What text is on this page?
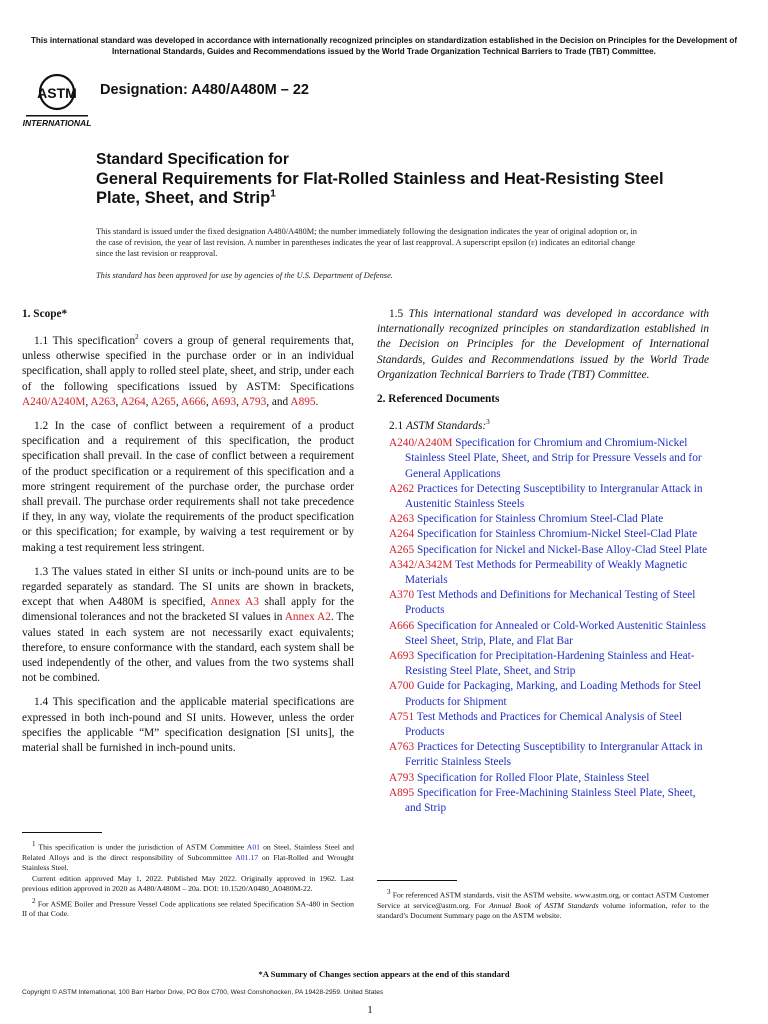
This international standard was developed in accordance with internationally recognized principles on standardization established in the Decision on Principles for the Development of International Standards, Guides and Recommendations issued by the World Trade Organization Technical Barriers to Trade (TBT) Committee.
ASTM
INTERNATIONAL
Designation: A480/A480M – 22
Standard Specification for
General Requirements for Flat-Rolled Stainless and Heat-Resisting Steel Plate, Sheet, and Strip$^1$
This standard is issued under the fixed designation A480/A480M; the number immediately following the designation indicates the year of original adoption or, in the case of revision, the year of last revision. A number in parentheses indicates the year of last reapproval. A superscript epsilon (ε) indicates an editorial change since the last revision or reapproval.
This standard has been approved for use by agencies of the U.S. Department of Defense.
1. Scope*

1.1 This specification$^2$ covers a group of general requirements that, unless otherwise specified in the purchase order or in an individual specification, shall apply to rolled steel plate, sheet, and strip, under each of the following specifications issued by ASTM: Specifications A240/A240M, A263, A264, A265, A666, A693, A793, and A895.

1.2 In the case of conflict between a requirement of a product specification and a requirement of this specification, the product specification shall prevail. In the case of conflict between a requirement of the product specification or a requirement of this specification and a more stringent requirement of the purchase order, the purchase order shall prevail. The purchase order requirements shall not take precedence if they, in any way, violate the requirements of the product specification or this specification; for example, by waiving a test requirement or by making a test requirement less stringent.

1.3 The values stated in either SI units or inch-pound units are to be regarded separately as standard. The SI units are shown in brackets, except that when A480M is specified, Annex A3 shall apply for the dimensional tolerances and not the bracketed SI values in Annex A2. The values stated in each system are not necessarily exact equivalents; therefore, to ensure conformance with the standard, each system shall be used independently of the other, and values from the two systems shall not be combined.

1.4 This specification and the applicable material specifications are expressed in both inch-pound and SI units. However, unless the order specifies the applicable “M” specification designation [SI units], the material shall be furnished in inch-pound units.

1.5 This international standard was developed in accordance with internationally recognized principles on standardization established in the Decision on Principles for the Development of International Standards, Guides and Recommendations issued by the World Trade Organization Technical Barriers to Trade (TBT) Committee.

2. Referenced Documents

2.1 ASTM Standards:$^3$

A240/A240M Specification for Chromium and Chromium-Nickel Stainless Steel Plate, Sheet, and Strip for Pressure Vessels and for General Applications
A262 Practices for Detecting Susceptibility to Intergranular Attack in Austenitic Stainless Steels
A263 Specification for Stainless Chromium Steel-Clad Plate
A264 Specification for Stainless Chromium-Nickel Steel-Clad Plate
A265 Specification for Nickel and Nickel-Base Alloy-Clad Steel Plate
A342/A342M Test Methods for Permeability of Weakly Magnetic Materials
A370 Test Methods and Definitions for Mechanical Testing of Steel Products
A666 Specification for Annealed or Cold-Worked Austenitic Stainless Steel Sheet, Strip, Plate, and Flat Bar
A693 Specification for Precipitation-Hardening Stainless and Heat-Resisting Steel Plate, Sheet, and Strip
A700 Guide for Packaging, Marking, and Loading Methods for Steel Products for Shipment
A751 Test Methods and Practices for Chemical Analysis of Steel Products
A763 Practices for Detecting Susceptibility to Intergranular Attack in Ferritic Stainless Steels
A793 Specification for Rolled Floor Plate, Stainless Steel
A895 Specification for Free-Machining Stainless Steel Plate, Sheet, and Strip

$^1$ This specification is under the jurisdiction of ASTM Committee A01 on Steel, Stainless Steel and Related Alloys and is the direct responsibility of Subcommittee A01.17 on Flat-Rolled and Wrought Stainless Steel.

Current edition approved May 1, 2022. Published May 2022. Originally approved in 1962. Last previous edition approved in 2020 as A480/A480M – 20a. DOI: 10.1520/A0480_A0480M-22.

$^2$ For ASME Boiler and Pressure Vessel Code applications see related Specification SA-480 in Section II of that Code.

$^3$ For referenced ASTM standards, visit the ASTM website, www.astm.org, or contact ASTM Customer Service at service@astm.org. For Annual Book of ASTM Standards volume information, refer to the standard’s Document Summary page on the ASTM website.

*A Summary of Changes section appears at the end of this standard
Copyright © ASTM International, 100 Barr Harbor Drive, PO Box C700, West Conshohocken, PA 19428-2959. United States
1
